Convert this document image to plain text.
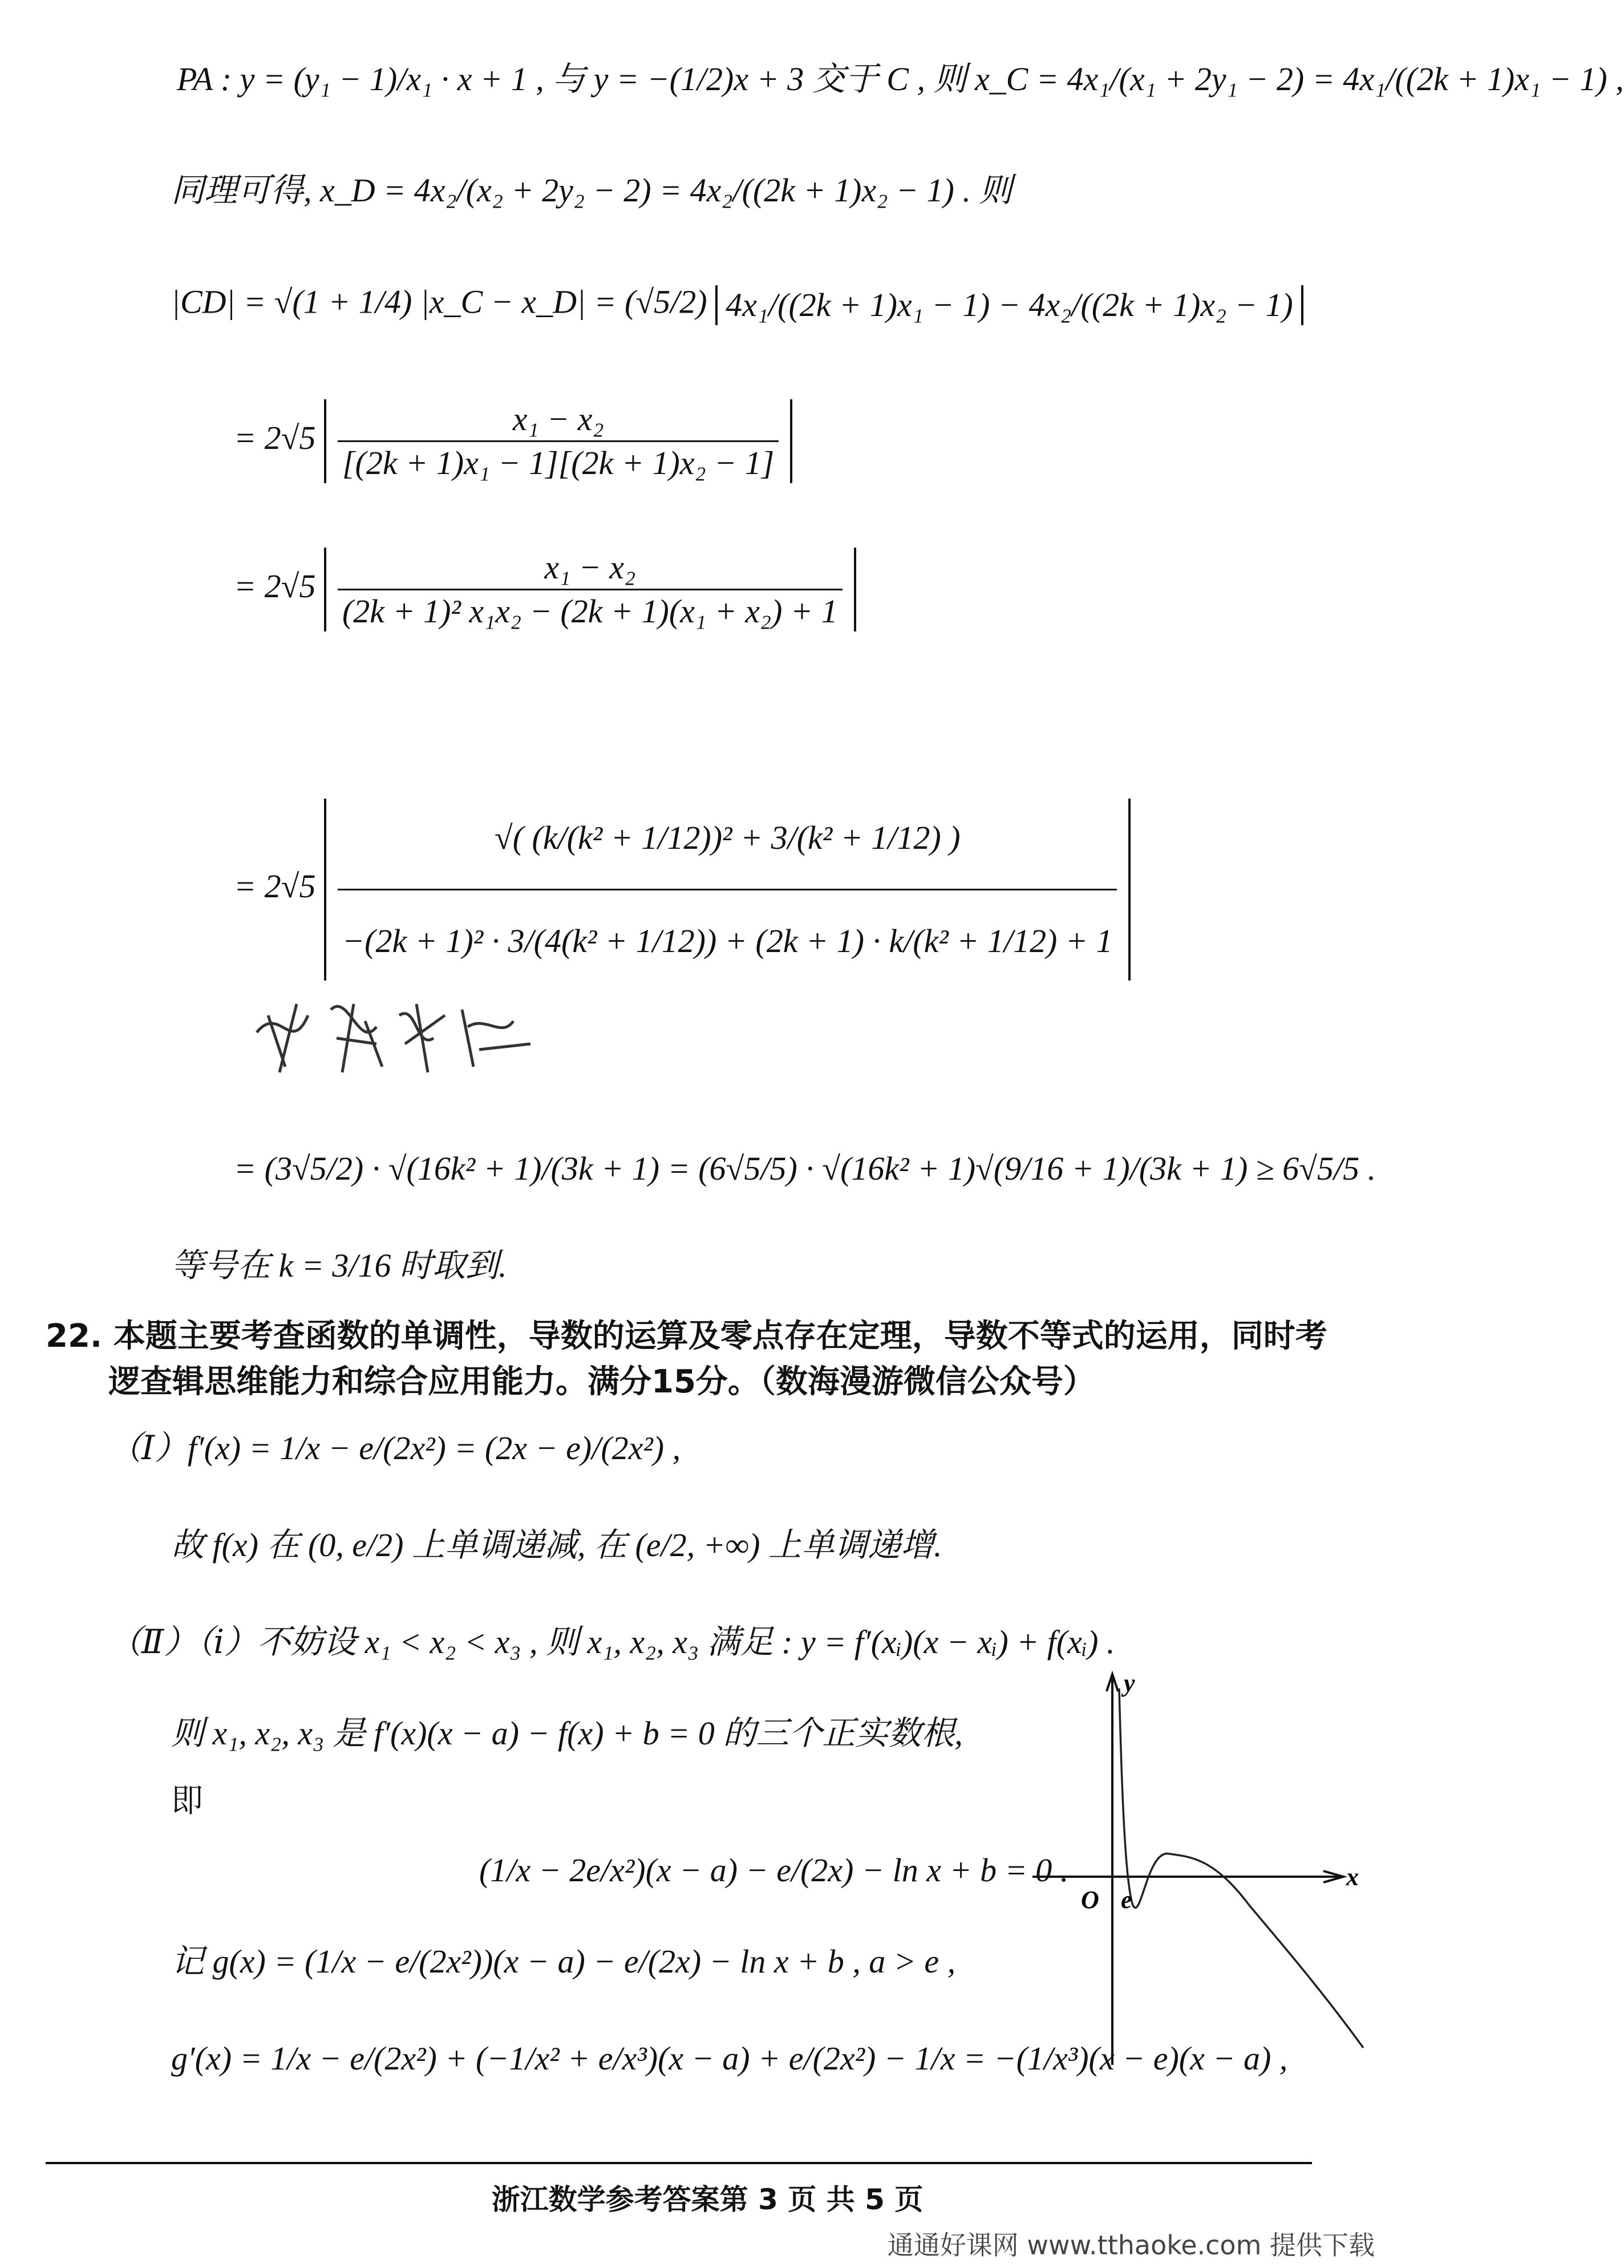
PA : y = (y₁ − 1)/x₁ · x + 1 , 与 y = −(1/2)x + 3 交于 C , 则 x_C = 4x₁/(x₁ + 2y₁ − 2) = 4x₁/((2k + 1)x₁ − 1) ,
同理可得, x_D = 4x₂/(x₂ + 2y₂ − 2) = 4x₂/((2k + 1)x₂ − 1) . 则
|CD| = √(1 + 1/4) |x_C − x_D| = (√5/2) 4x₁/((2k + 1)x₁ − 1) − 4x₂/((2k + 1)x₂ − 1)
= $2√5 \frac{\text{x₁ − x₂}}{\text{[(2k + 1)x₁ − 1][(2k + 1)x₂ − 1]}}$
= $2√5 \frac{\text{x₁ − x₂}}{\text{(2k + 1)² x₁x₂ − (2k + 1)(x₁ + x₂) + 1}}$
= $2√5 \frac{\text{√( (k/(k² + 1/12))² + 3/(k² + 1/12) )}}{\text{−(2k + 1)² · 3/(4(k² + 1/12)) + (2k + 1) · k/(k² + 1/12) + 1}}$
= (3√5/2) · √(16k² + 1)/(3k + 1) = (6√5/5) · √(16k² + 1)√(9/16 + 1)/(3k + 1) ≥ 6√5/5 .
等号在 k = 3/16 时取到.
22. 本题主要考查函数的单调性，导数的运算及零点存在定理，导数不等式的运用，同时考
逻查辑思维能力和综合应用能力。满分15分。（数海漫游微信公众号）
（Ⅰ）f′(x) = 1/x − e/(2x²) = (2x − e)/(2x²) ,
故 f(x) 在 (0, e/2) 上单调递减, 在 (e/2, +∞) 上单调递增.
（Ⅱ）（ⅰ）不妨设 x₁ < x₂ < x₃ , 则 x₁, x₂, x₃ 满足 : y = f′(xᵢ)(x − xᵢ) + f(xᵢ) .
则 x₁, x₂, x₃ 是 f′(x)(x − a) − f(x) + b = 0 的三个正实数根,
即
(1/x − 2e/x²)(x − a) − e/(2x) − ln x + b = 0 .
记 g(x) = (1/x − e/(2x²))(x − a) − e/(2x) − ln x + b , a > e ,
g′(x) = 1/x − e/(2x²) + (−1/x² + e/x³)(x − a) + e/(2x²) − 1/x = −(1/x³)(x − e)(x − a) ,
y
x
O e
浙江数学参考答案第 3 页 共 5 页
通通好课网 www.tthaoke.com 提供下载
